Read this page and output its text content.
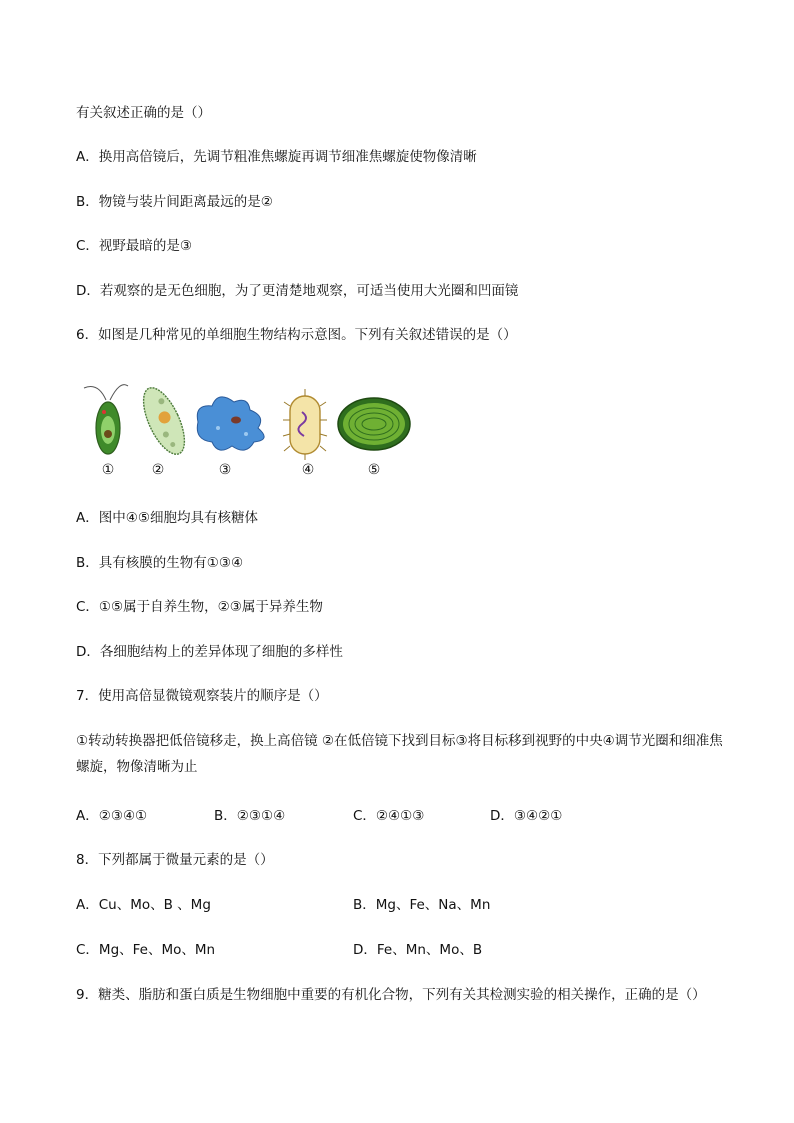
有关叙述正确的是（）
A．换用高倍镜后，先调节粗准焦螺旋再调节细准焦螺旋使物像清晰
B．物镜与装片间距离最远的是②
C．视野最暗的是③
D．若观察的是无色细胞，为了更清楚地观察，可适当使用大光圈和凹面镜
6．如图是几种常见的单细胞生物结构示意图。下列有关叙述错误的是（）
①	②	③	④	⑤
A．图中④⑤细胞均具有核糖体
B．具有核膜的生物有①③④
C．①⑤属于自养生物，②③属于异养生物
D．各细胞结构上的差异体现了细胞的多样性
7．使用高倍显微镜观察装片的顺序是（）
①转动转换器把低倍镜移走，换上高倍镜 ②在低倍镜下找到目标③将目标移到视野的中央④调节光圈和细准焦螺旋，物像清晰为止
A．②③④①	B．②③①④	C．②④①③	D．③④②①
8．下列都属于微量元素的是（）
A．Cu、Mo、B 、Mg	B．Mg、Fe、Na、Mn
C．Mg、Fe、Mo、Mn	D．Fe、Mn、Mo、B
9．糖类、脂肪和蛋白质是生物细胞中重要的有机化合物，下列有关其检测实验的相关操作，正确的是（）
